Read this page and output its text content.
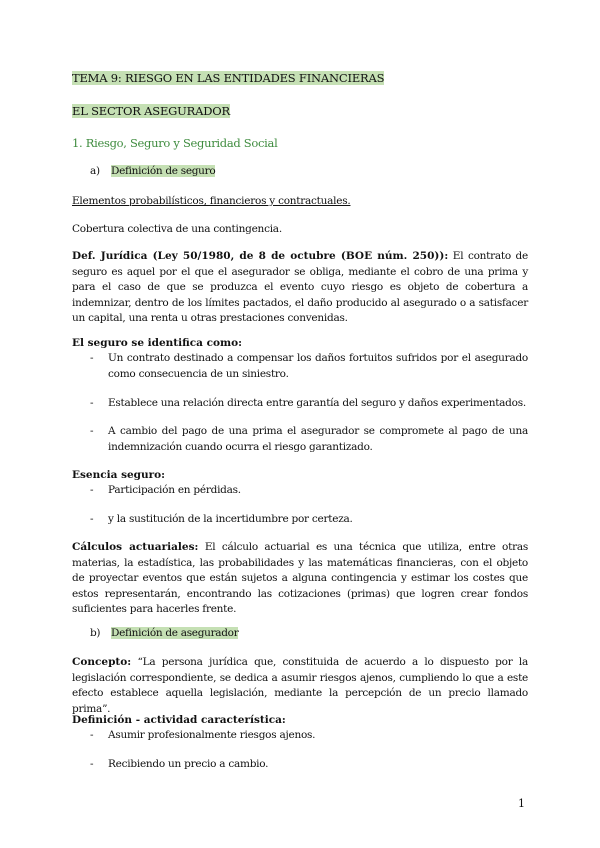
TEMA 9: RIESGO EN LAS ENTIDADES FINANCIERAS
EL SECTOR ASEGURADOR
1. Riesgo, Seguro y Seguridad Social
a) Definición de seguro
Elementos probabilísticos, financieros y contractuales.
Cobertura colectiva de una contingencia.
Def. Jurídica (Ley 50/1980, de 8 de octubre (BOE núm. 250)): El contrato de seguro es aquel por el que el asegurador se obliga, mediante el cobro de una prima y para el caso de que se produzca el evento cuyo riesgo es objeto de cobertura a indemnizar, dentro de los límites pactados, el daño producido al asegurado o a satisfacer un capital, una renta u otras prestaciones convenidas.
El seguro se identifica como:
- Un contrato destinado a compensar los daños fortuitos sufridos por el asegurado como consecuencia de un siniestro.
- Establece una relación directa entre garantía del seguro y daños experimentados.
- A cambio del pago de una prima el asegurador se compromete al pago de una indemnización cuando ocurra el riesgo garantizado.
Esencia seguro:
- Participación en pérdidas.
- y la sustitución de la incertidumbre por certeza.
Cálculos actuariales: El cálculo actuarial es una técnica que utiliza, entre otras materias, la estadística, las probabilidades y las matemáticas financieras, con el objeto de proyectar eventos que están sujetos a alguna contingencia y estimar los costes que estos representarán, encontrando las cotizaciones (primas) que logren crear fondos suficientes para hacerles frente.
b) Definición de asegurador
Concepto: “La persona jurídica que, constituida de acuerdo a lo dispuesto por la legislación correspondiente, se dedica a asumir riesgos ajenos, cumpliendo lo que a este efecto establece aquella legislación, mediante la percepción de un precio llamado prima”.
Definición - actividad característica:
- Asumir profesionalmente riesgos ajenos.
- Recibiendo un precio a cambio.
1
